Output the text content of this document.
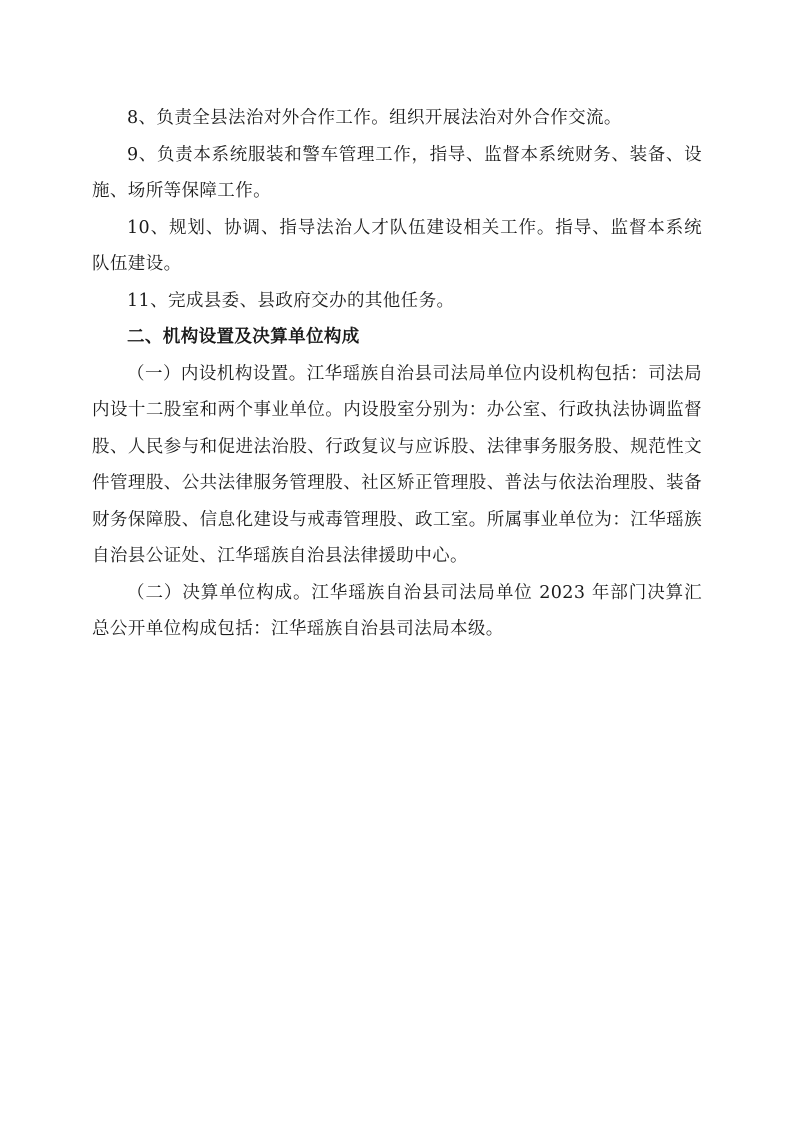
8、负责全县法治对外合作工作。组织开展法治对外合作交流。

9、负责本系统服装和警车管理工作，指导、监督本系统财务、装备、设施、场所等保障工作。

10、规划、协调、指导法治人才队伍建设相关工作。指导、监督本系统队伍建设。

11、完成县委、县政府交办的其他任务。

二、机构设置及决算单位构成

（一）内设机构设置。江华瑶族自治县司法局单位内设机构包括：司法局内设十二股室和两个事业单位。内设股室分别为：办公室、行政执法协调监督股、人民参与和促进法治股、行政复议与应诉股、法律事务服务股、规范性文件管理股、公共法律服务管理股、社区矫正管理股、普法与依法治理股、装备财务保障股、信息化建设与戒毒管理股、政工室。所属事业单位为：江华瑶族自治县公证处、江华瑶族自治县法律援助中心。

（二）决算单位构成。江华瑶族自治县司法局单位 2023 年部门决算汇总公开单位构成包括：江华瑶族自治县司法局本级。
